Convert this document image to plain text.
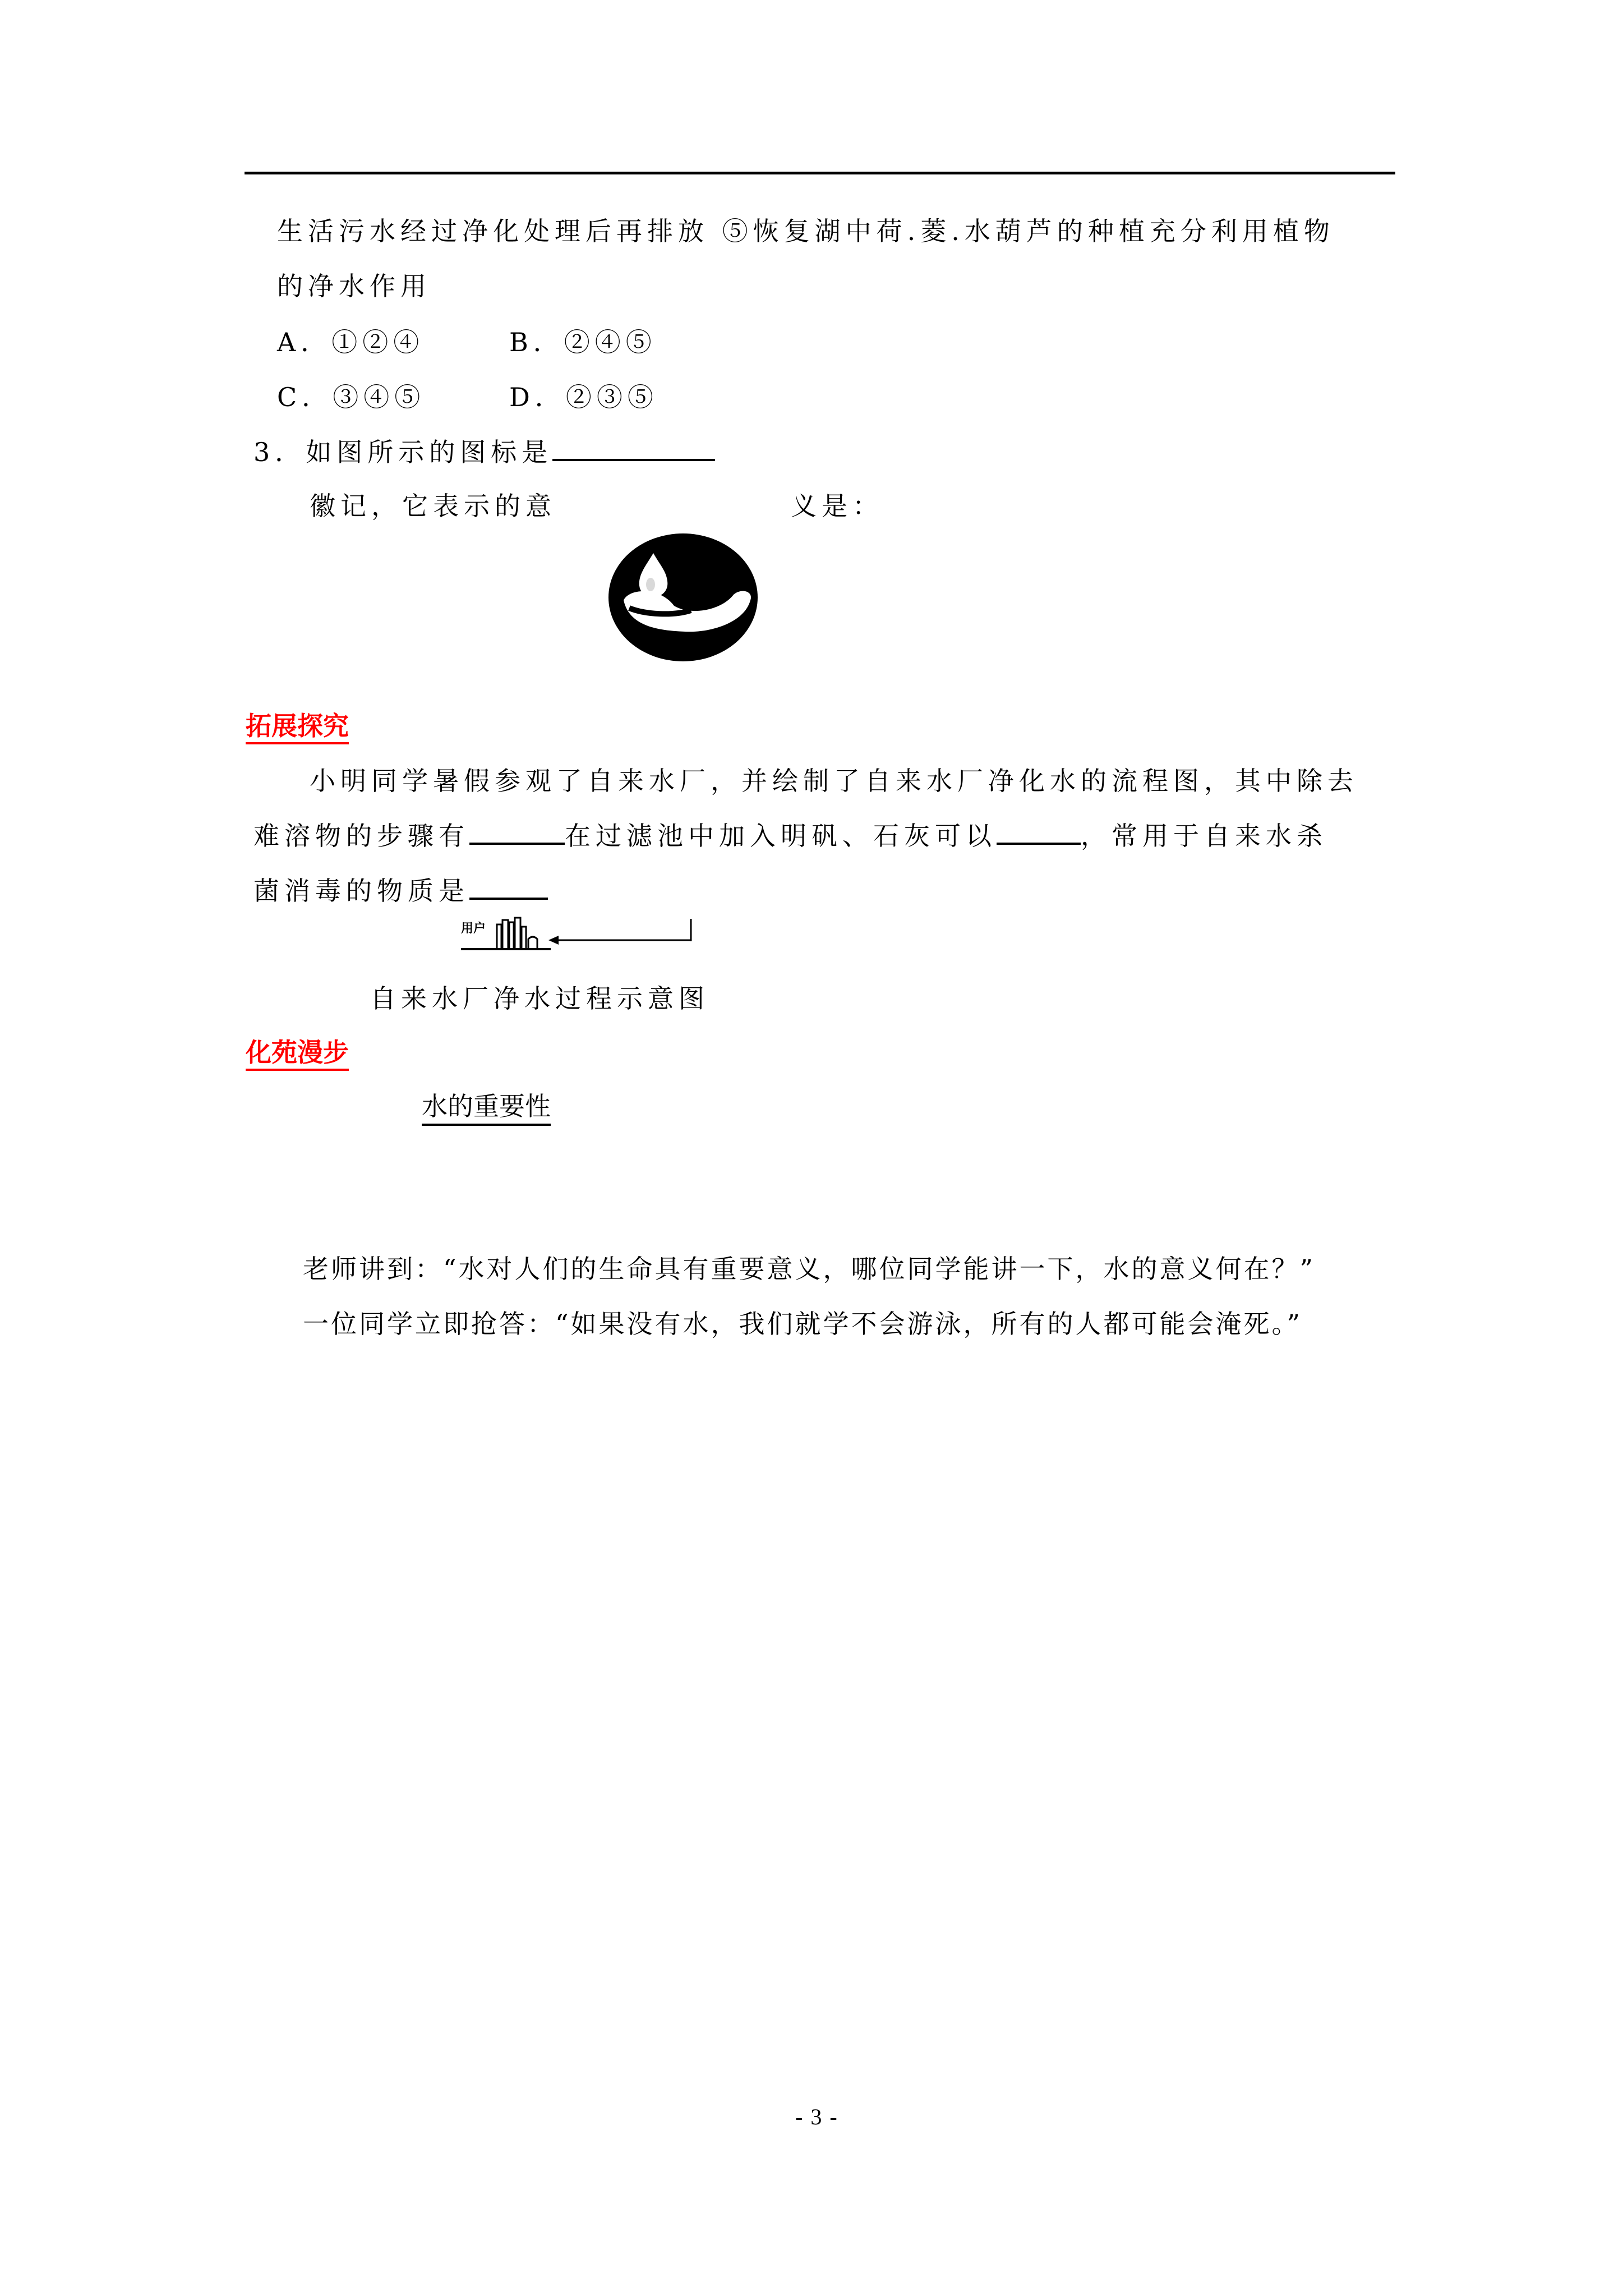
生活污水经过净化处理后再排放 ⑤恢复湖中荷.菱.水葫芦的种植充分利用植物
的净水作用
A．①②④	B．②④⑤
C．③④⑤	D．②③⑤
3．如图所示的图标是
徽记，它表示的意	义是：
拓展探究
小明同学暑假参观了自来水厂，并绘制了自来水厂净化水的流程图，其中除去
难溶物的步骤有	在过滤池中加入明矾、石灰可以	，常用于自来水杀
菌消毒的物质是
用户
自来水厂净水过程示意图
化苑漫步
水的重要性
老师讲到：“水对人们的生命具有重要意义，哪位同学能讲一下，水的意义何在？”
一位同学立即抢答：“如果没有水，我们就学不会游泳，所有的人都可能会淹死。”
- 3 -
